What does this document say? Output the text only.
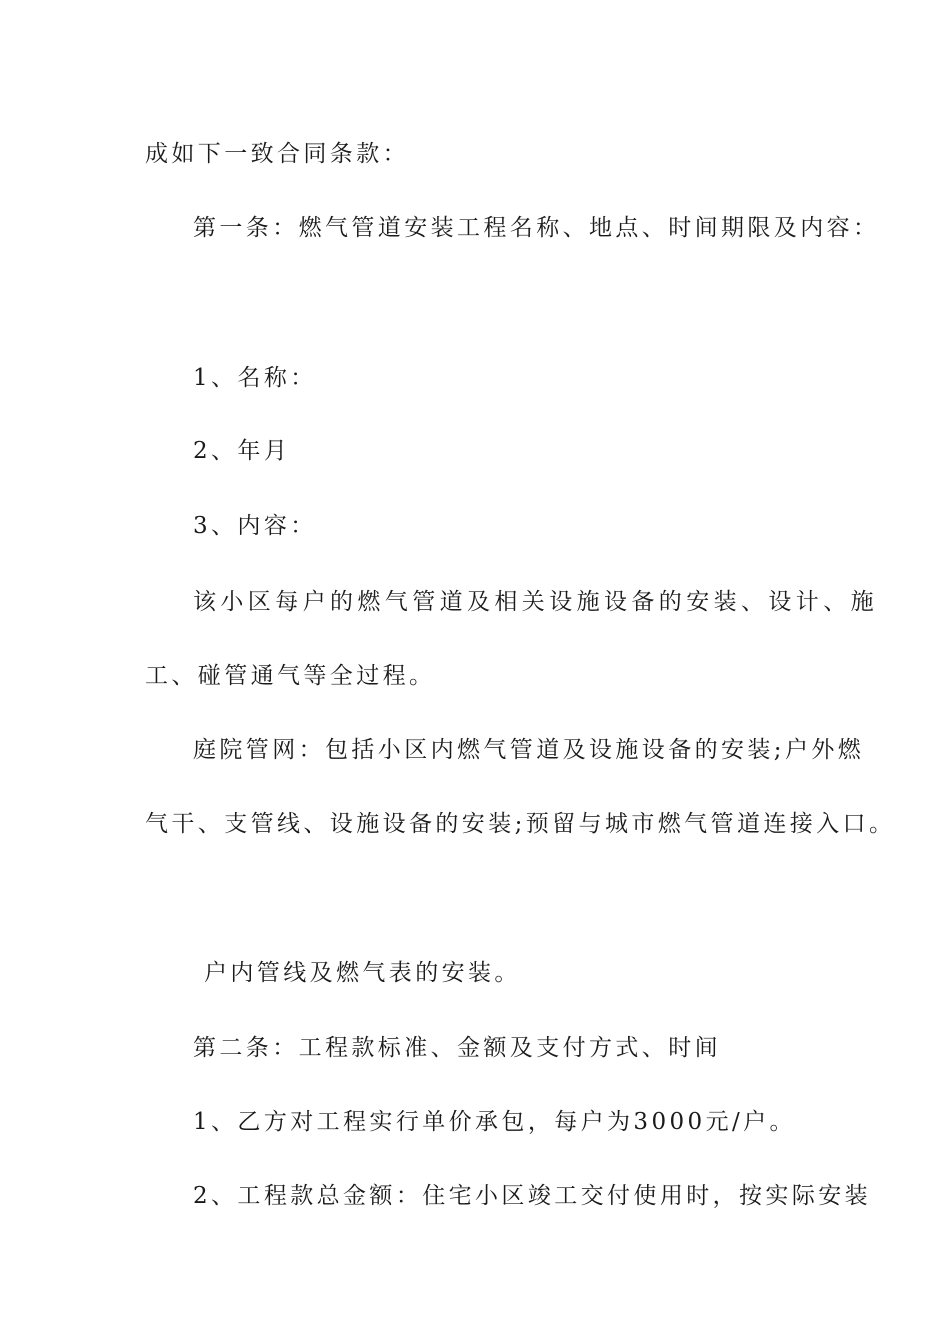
成如下一致合同条款：
第一条：燃气管道安装工程名称、地点、时间期限及内容：
1、名称：
2、年月
3、内容：
该小区每户的燃气管道及相关设施设备的安装、设计、施
工、碰管通气等全过程。
庭院管网：包括小区内燃气管道及设施设备的安装;户外燃
气干、支管线、设施设备的安装;预留与城市燃气管道连接入口。
户内管线及燃气表的安装。
第二条：工程款标准、金额及支付方式、时间
1、乙方对工程实行单价承包，每户为3000元/户。
2、工程款总金额：住宅小区竣工交付使用时，按实际安装
